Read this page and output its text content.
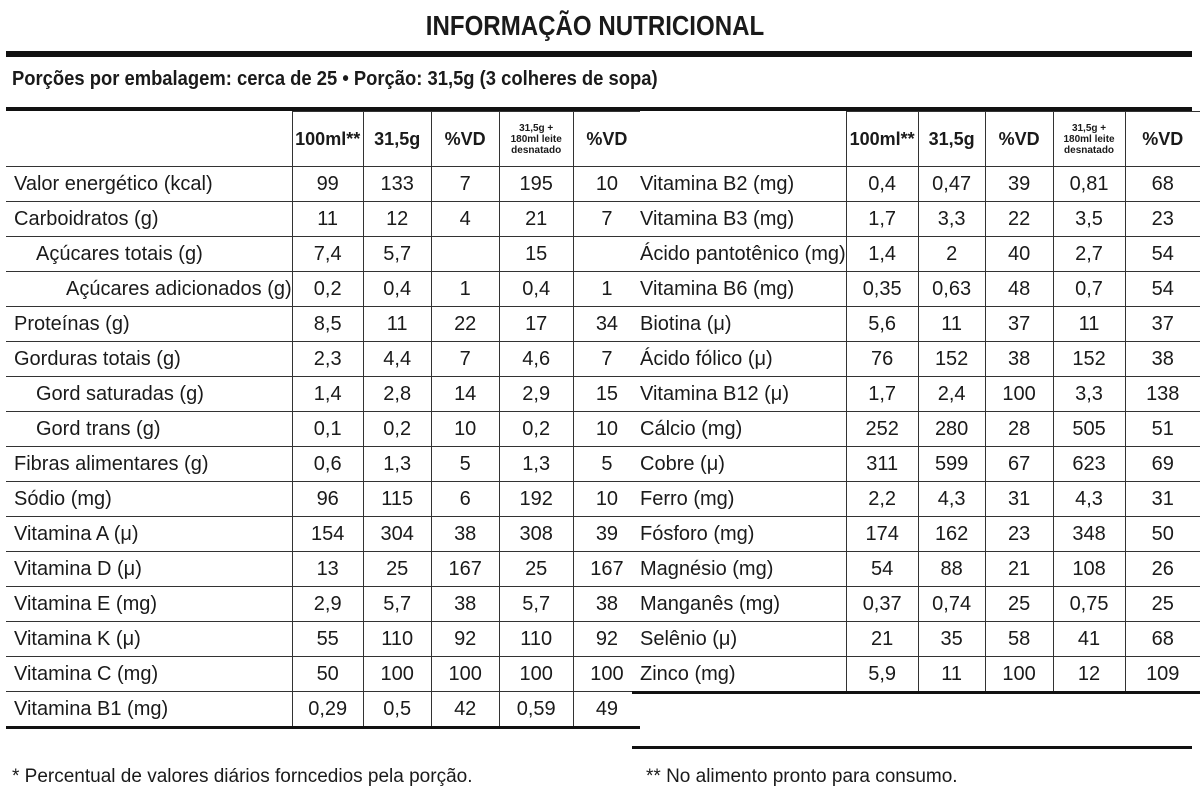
INFORMAÇÃO NUTRICIONAL
Porções por embalagem: cerca de 25 • Porção: 31,5g (3 colheres de sopa)
	100ml**	31,5g	%VD	31,5g +
180ml leite
desnatado	%VD
Valor energético (kcal)	99	133	7	195	10
Carboidratos (g)	11	12	4	21	7
Açúcares totais (g)	7,4	5,7		15	
Açúcares adicionados (g)	0,2	0,4	1	0,4	1
Proteínas (g)	8,5	11	22	17	34
Gorduras totais (g)	2,3	4,4	7	4,6	7
Gord saturadas (g)	1,4	2,8	14	2,9	15
Gord trans (g)	0,1	0,2	10	0,2	10
Fibras alimentares (g)	0,6	1,3	5	1,3	5
Sódio (mg)	96	115	6	192	10
Vitamina A (μ)	154	304	38	308	39
Vitamina D (μ)	13	25	167	25	167
Vitamina E (mg)	2,9	5,7	38	5,7	38
Vitamina K (μ)	55	110	92	110	92
Vitamina C (mg)	50	100	100	100	100
Vitamina B1 (mg)	0,29	0,5	42	0,59	49
	100ml**	31,5g	%VD	31,5g +
180ml leite
desnatado	%VD
Vitamina B2 (mg)	0,4	0,47	39	0,81	68
Vitamina B3 (mg)	1,7	3,3	22	3,5	23
Ácido pantotênico (mg)	1,4	2	40	2,7	54
Vitamina B6 (mg)	0,35	0,63	48	0,7	54
Biotina (μ)	5,6	11	37	11	37
Ácido fólico (μ)	76	152	38	152	38
Vitamina B12 (μ)	1,7	2,4	100	3,3	138
Cálcio (mg)	252	280	28	505	51
Cobre (μ)	311	599	67	623	69
Ferro (mg)	2,2	4,3	31	4,3	31
Fósforo (mg)	174	162	23	348	50
Magnésio (mg)	54	88	21	108	26
Manganês (mg)	0,37	0,74	25	0,75	25
Selênio (μ)	21	35	58	41	68
Zinco (mg)	5,9	11	100	12	109
* Percentual de valores diários forncedios pela porção.	** No alimento pronto para consumo.
